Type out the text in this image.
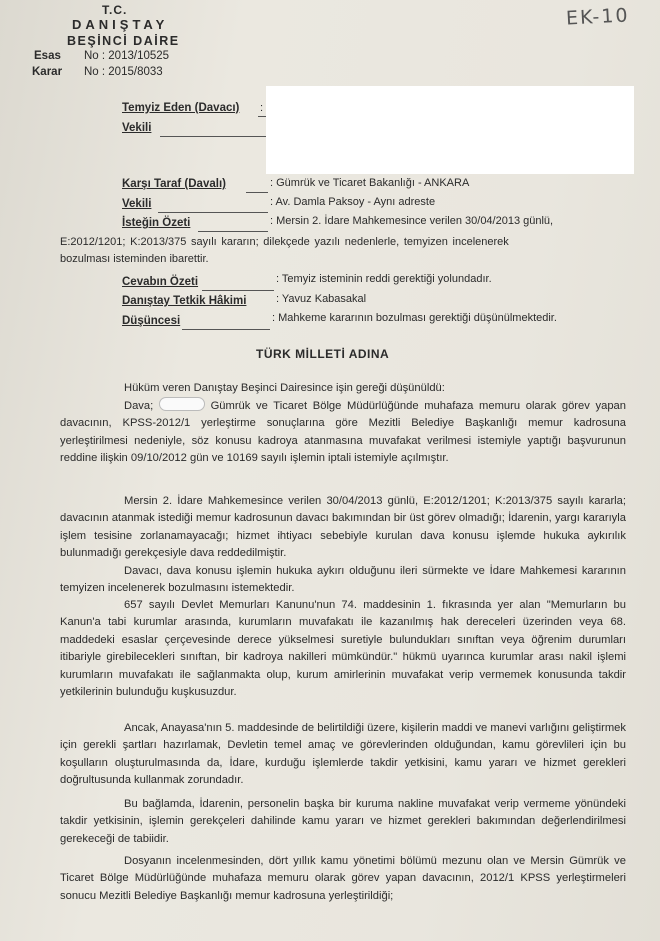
T.C.
DANIŞTAY
BEŞİNCİ DAİRE
Esas No : 2013/10525
Karar No : 2015/8033
EK-10
Temyiz Eden (Davacı) :
Vekili
Karşı Taraf (Davalı)	: Gümrük ve Ticaret Bakanlığı - ANKARA
Vekili	: Av. Damla Paksoy - Aynı adreste
İsteğin Özeti	: Mersin 2. İdare Mahkemesince verilen 30/04/2013 günlü,
E:2012/1201; K:2013/375 sayılı kararın; dilekçede yazılı nedenlerle, temyizen incelenerek
bozulması isteminden ibarettir.
Cevabın Özeti	: Temyiz isteminin reddi gerektiği yolundadır.
Danıştay Tetkik Hâkimi	: Yavuz Kabasakal
Düşüncesi	: Mahkeme kararının bozulması gerektiği düşünülmektedir.
TÜRK MİLLETİ ADINA
Hüküm veren Danıştay Beşinci Dairesince işin gereği düşünüldü:
Dava;	Gümrük ve Ticaret Bölge Müdürlüğünde muhafaza memuru olarak görev yapan davacının, KPSS-2012/1 yerleştirme sonuçlarına göre Mezitli Belediye Başkanlığı memur kadrosuna yerleştirilmesi nedeniyle, söz konusu kadroya atanmasına muvafakat verilmesi istemiyle yaptığı başvurunun reddine ilişkin 09/10/2012 gün ve 10169 sayılı işlemin iptali istemiyle açılmıştır.
Mersin 2. İdare Mahkemesince verilen 30/04/2013 günlü, E:2012/1201; K:2013/375 sayılı kararla; davacının atanmak istediği memur kadrosunun davacı bakımından bir üst görev olmadığı; İdarenin, yargı kararıyla işlem tesisine zorlanamayacağı; hizmet ihtiyacı sebebiyle kurulan dava konusu işlemde hukuka aykırılık bulunmadığı gerekçesiyle dava reddedilmiştir.
Davacı, dava konusu işlemin hukuka aykırı olduğunu ileri sürmekte ve İdare Mahkemesi kararının temyizen incelenerek bozulmasını istemektedir.
657 sayılı Devlet Memurları Kanunu'nun 74. maddesinin 1. fıkrasında yer alan "Memurların bu Kanun'a tabi kurumlar arasında, kurumların muvafakatı ile kazanılmış hak dereceleri üzerinden veya 68. maddedeki esaslar çerçevesinde derece yükselmesi suretiyle bulundukları sınıftan veya öğrenim durumları itibariyle girebilecekleri sınıftan, bir kadroya nakilleri mümkündür." hükmü uyarınca kurumlar arası nakil işlemi kurumların muvafakatı ile sağlanmakta olup, kurum amirlerinin muvafakat verip vermemek konusunda takdir yetkilerinin bulunduğu kuşkusuzdur.
Ancak, Anayasa'nın 5. maddesinde de belirtildiği üzere, kişilerin maddi ve manevi varlığını geliştirmek için gerekli şartları hazırlamak, Devletin temel amaç ve görevlerinden olduğundan, kamu görevlileri için bu koşulların oluşturulmasında da, İdare, kurduğu işlemlerde takdir yetkisini, kamu yararı ve hizmet gerekleri doğrultusunda kullanmak zorundadır.
Bu bağlamda, İdarenin, personelin başka bir kuruma nakline muvafakat verip vermeme yönündeki takdir yetkisinin, işlemin gerekçeleri dahilinde kamu yararı ve hizmet gerekleri bakımından değerlendirilmesi gerekeceği de tabiidir.
Dosyanın incelenmesinden, dört yıllık kamu yönetimi bölümü mezunu olan ve Mersin Gümrük ve Ticaret Bölge Müdürlüğünde muhafaza memuru olarak görev yapan davacının, 2012/1 KPSS yerleştirmeleri sonucu Mezitli Belediye Başkanlığı memur kadrosuna yerleştirildiği;
